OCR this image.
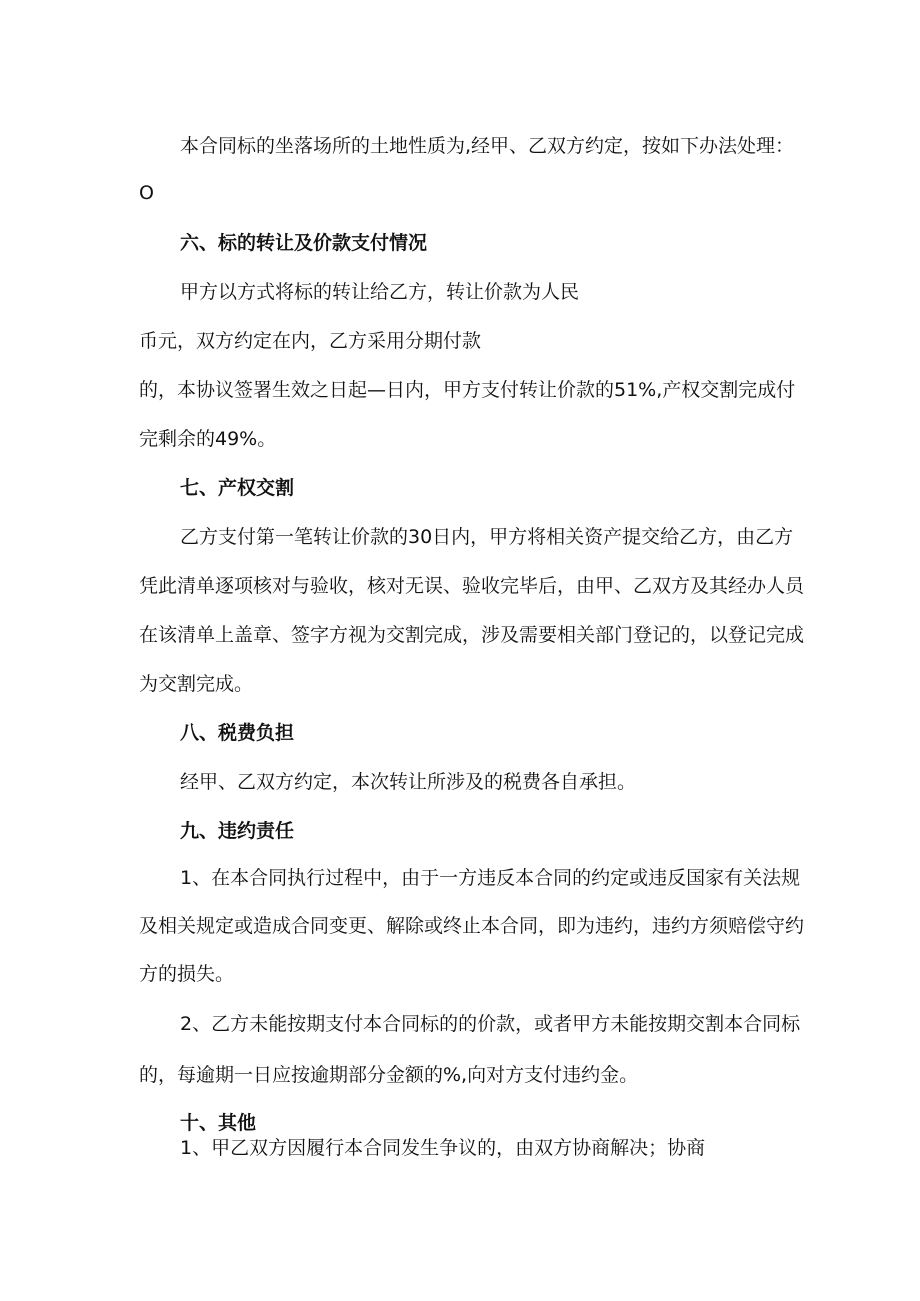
本合同标的坐落场所的土地性质为,经甲、乙双方约定，按如下办法处理：

O

六、标的转让及价款支付情况

甲方以方式将标的转让给乙方，转让价款为人民

币元，双方约定在内，乙方采用分期付款

的，本协议签署生效之日起—日内，甲方支付转让价款的51%,产权交割完成付

完剩余的49%。

七、产权交割

乙方支付第一笔转让价款的30日内，甲方将相关资产提交给乙方，由乙方

凭此清单逐项核对与验收，核对无误、验收完毕后，由甲、乙双方及其经办人员

在该清单上盖章、签字方视为交割完成，涉及需要相关部门登记的，以登记完成

为交割完成。

八、税费负担

经甲、乙双方约定，本次转让所涉及的税费各自承担。

九、违约责任

1、在本合同执行过程中，由于一方违反本合同的约定或违反国家有关法规

及相关规定或造成合同变更、解除或终止本合同，即为违约，违约方须赔偿守约

方的损失。

2、乙方未能按期支付本合同标的的价款，或者甲方未能按期交割本合同标

的，每逾期一日应按逾期部分金额的%,向对方支付违约金。

十、其他

1、甲乙双方因履行本合同发生争议的，由双方协商解决；协商
